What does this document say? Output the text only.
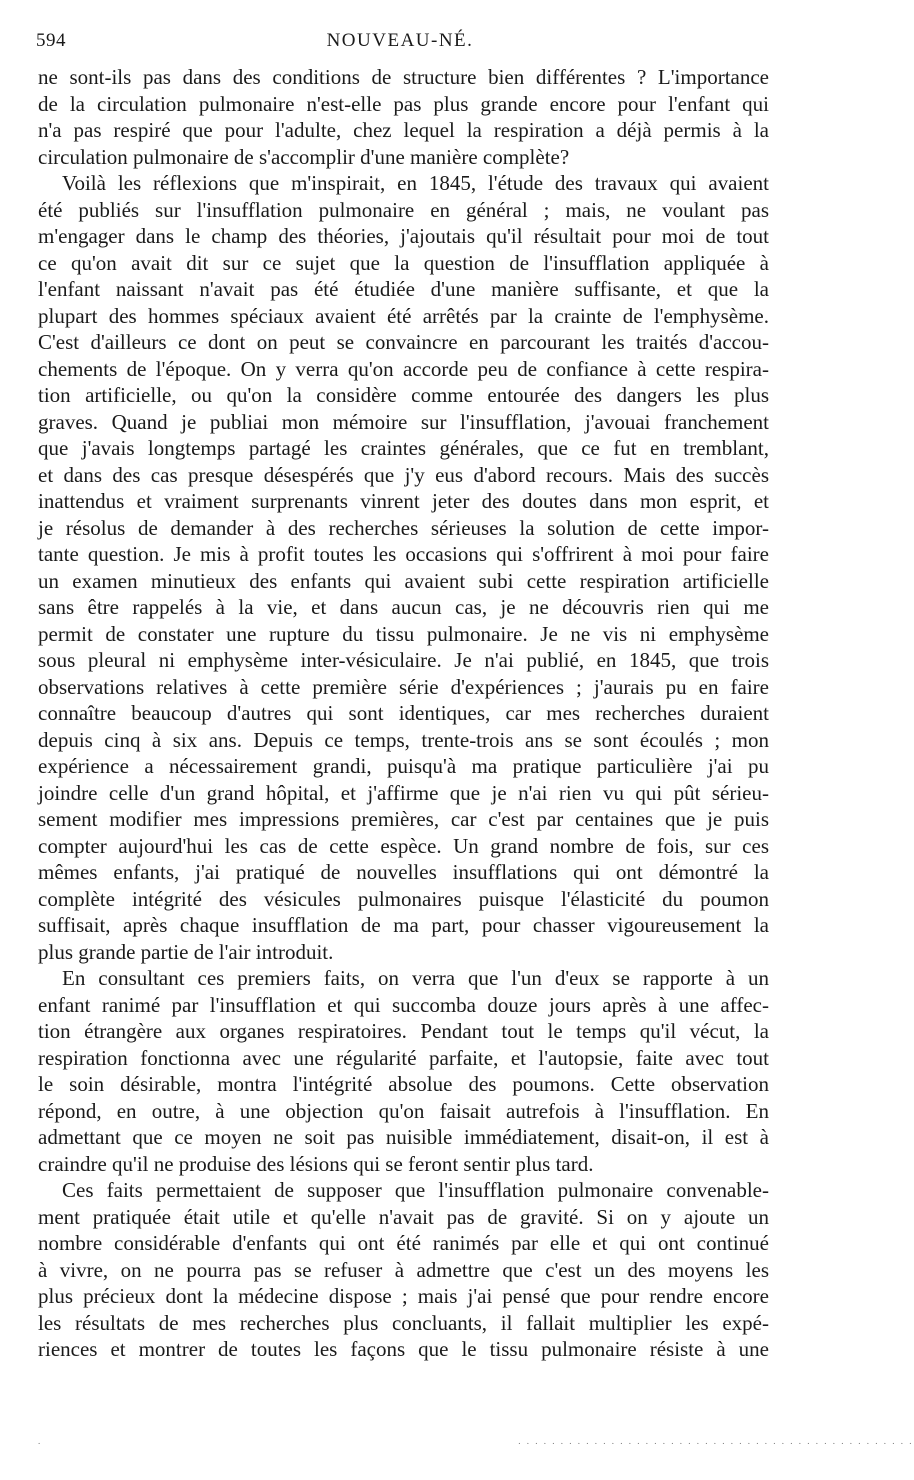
594	NOUVEAU-NÉ.
ne sont-ils pas dans des conditions de structure bien différentes ? L'importance
de la circulation pulmonaire n'est-elle pas plus grande encore pour l'enfant qui
n'a pas respiré que pour l'adulte, chez lequel la respiration a déjà permis à la
circulation pulmonaire de s'accomplir d'une manière complète?
Voilà les réflexions que m'inspirait, en 1845, l'étude des travaux qui avaient
été publiés sur l'insufflation pulmonaire en général ; mais, ne voulant pas
m'engager dans le champ des théories, j'ajoutais qu'il résultait pour moi de tout
ce qu'on avait dit sur ce sujet que la question de l'insufflation appliquée à
l'enfant naissant n'avait pas été étudiée d'une manière suffisante, et que la
plupart des hommes spéciaux avaient été arrêtés par la crainte de l'emphysème.
C'est d'ailleurs ce dont on peut se convaincre en parcourant les traités d'accou-
chements de l'époque. On y verra qu'on accorde peu de confiance à cette respira-
tion artificielle, ou qu'on la considère comme entourée des dangers les plus
graves. Quand je publiai mon mémoire sur l'insufflation, j'avouai franchement
que j'avais longtemps partagé les craintes générales, que ce fut en tremblant,
et dans des cas presque désespérés que j'y eus d'abord recours. Mais des succès
inattendus et vraiment surprenants vinrent jeter des doutes dans mon esprit, et
je résolus de demander à des recherches sérieuses la solution de cette impor-
tante question. Je mis à profit toutes les occasions qui s'offrirent à moi pour faire
un examen minutieux des enfants qui avaient subi cette respiration artificielle
sans être rappelés à la vie, et dans aucun cas, je ne découvris rien qui me
permit de constater une rupture du tissu pulmonaire. Je ne vis ni emphysème
sous pleural ni emphysème inter-vésiculaire. Je n'ai publié, en 1845, que trois
observations relatives à cette première série d'expériences ; j'aurais pu en faire
connaître beaucoup d'autres qui sont identiques, car mes recherches duraient
depuis cinq à six ans. Depuis ce temps, trente-trois ans se sont écoulés ; mon
expérience a nécessairement grandi, puisqu'à ma pratique particulière j'ai pu
joindre celle d'un grand hôpital, et j'affirme que je n'ai rien vu qui pût sérieu-
sement modifier mes impressions premières, car c'est par centaines que je puis
compter aujourd'hui les cas de cette espèce. Un grand nombre de fois, sur ces
mêmes enfants, j'ai pratiqué de nouvelles insufflations qui ont démontré la
complète intégrité des vésicules pulmonaires puisque l'élasticité du poumon
suffisait, après chaque insufflation de ma part, pour chasser vigoureusement la
plus grande partie de l'air introduit.
En consultant ces premiers faits, on verra que l'un d'eux se rapporte à un
enfant ranimé par l'insufflation et qui succomba douze jours après à une affec-
tion étrangère aux organes respiratoires. Pendant tout le temps qu'il vécut, la
respiration fonctionna avec une régularité parfaite, et l'autopsie, faite avec tout
le soin désirable, montra l'intégrité absolue des poumons. Cette observation
répond, en outre, à une objection qu'on faisait autrefois à l'insufflation. En
admettant que ce moyen ne soit pas nuisible immédiatement, disait-on, il est à
craindre qu'il ne produise des lésions qui se feront sentir plus tard.
Ces faits permettaient de supposer que l'insufflation pulmonaire convenable-
ment pratiquée était utile et qu'elle n'avait pas de gravité. Si on y ajoute un
nombre considérable d'enfants qui ont été ranimés par elle et qui ont continué
à vivre, on ne pourra pas se refuser à admettre que c'est un des moyens les
plus précieux dont la médecine dispose ; mais j'ai pensé que pour rendre encore
les résultats de mes recherches plus concluants, il fallait multiplier les expé-
riences et montrer de toutes les façons que le tissu pulmonaire résiste à une
.                                                                                                                . . . . . . . . . . . . . . . . . . . . . . . . . . . . . . . . . . . . . . . . . . . . . . .
